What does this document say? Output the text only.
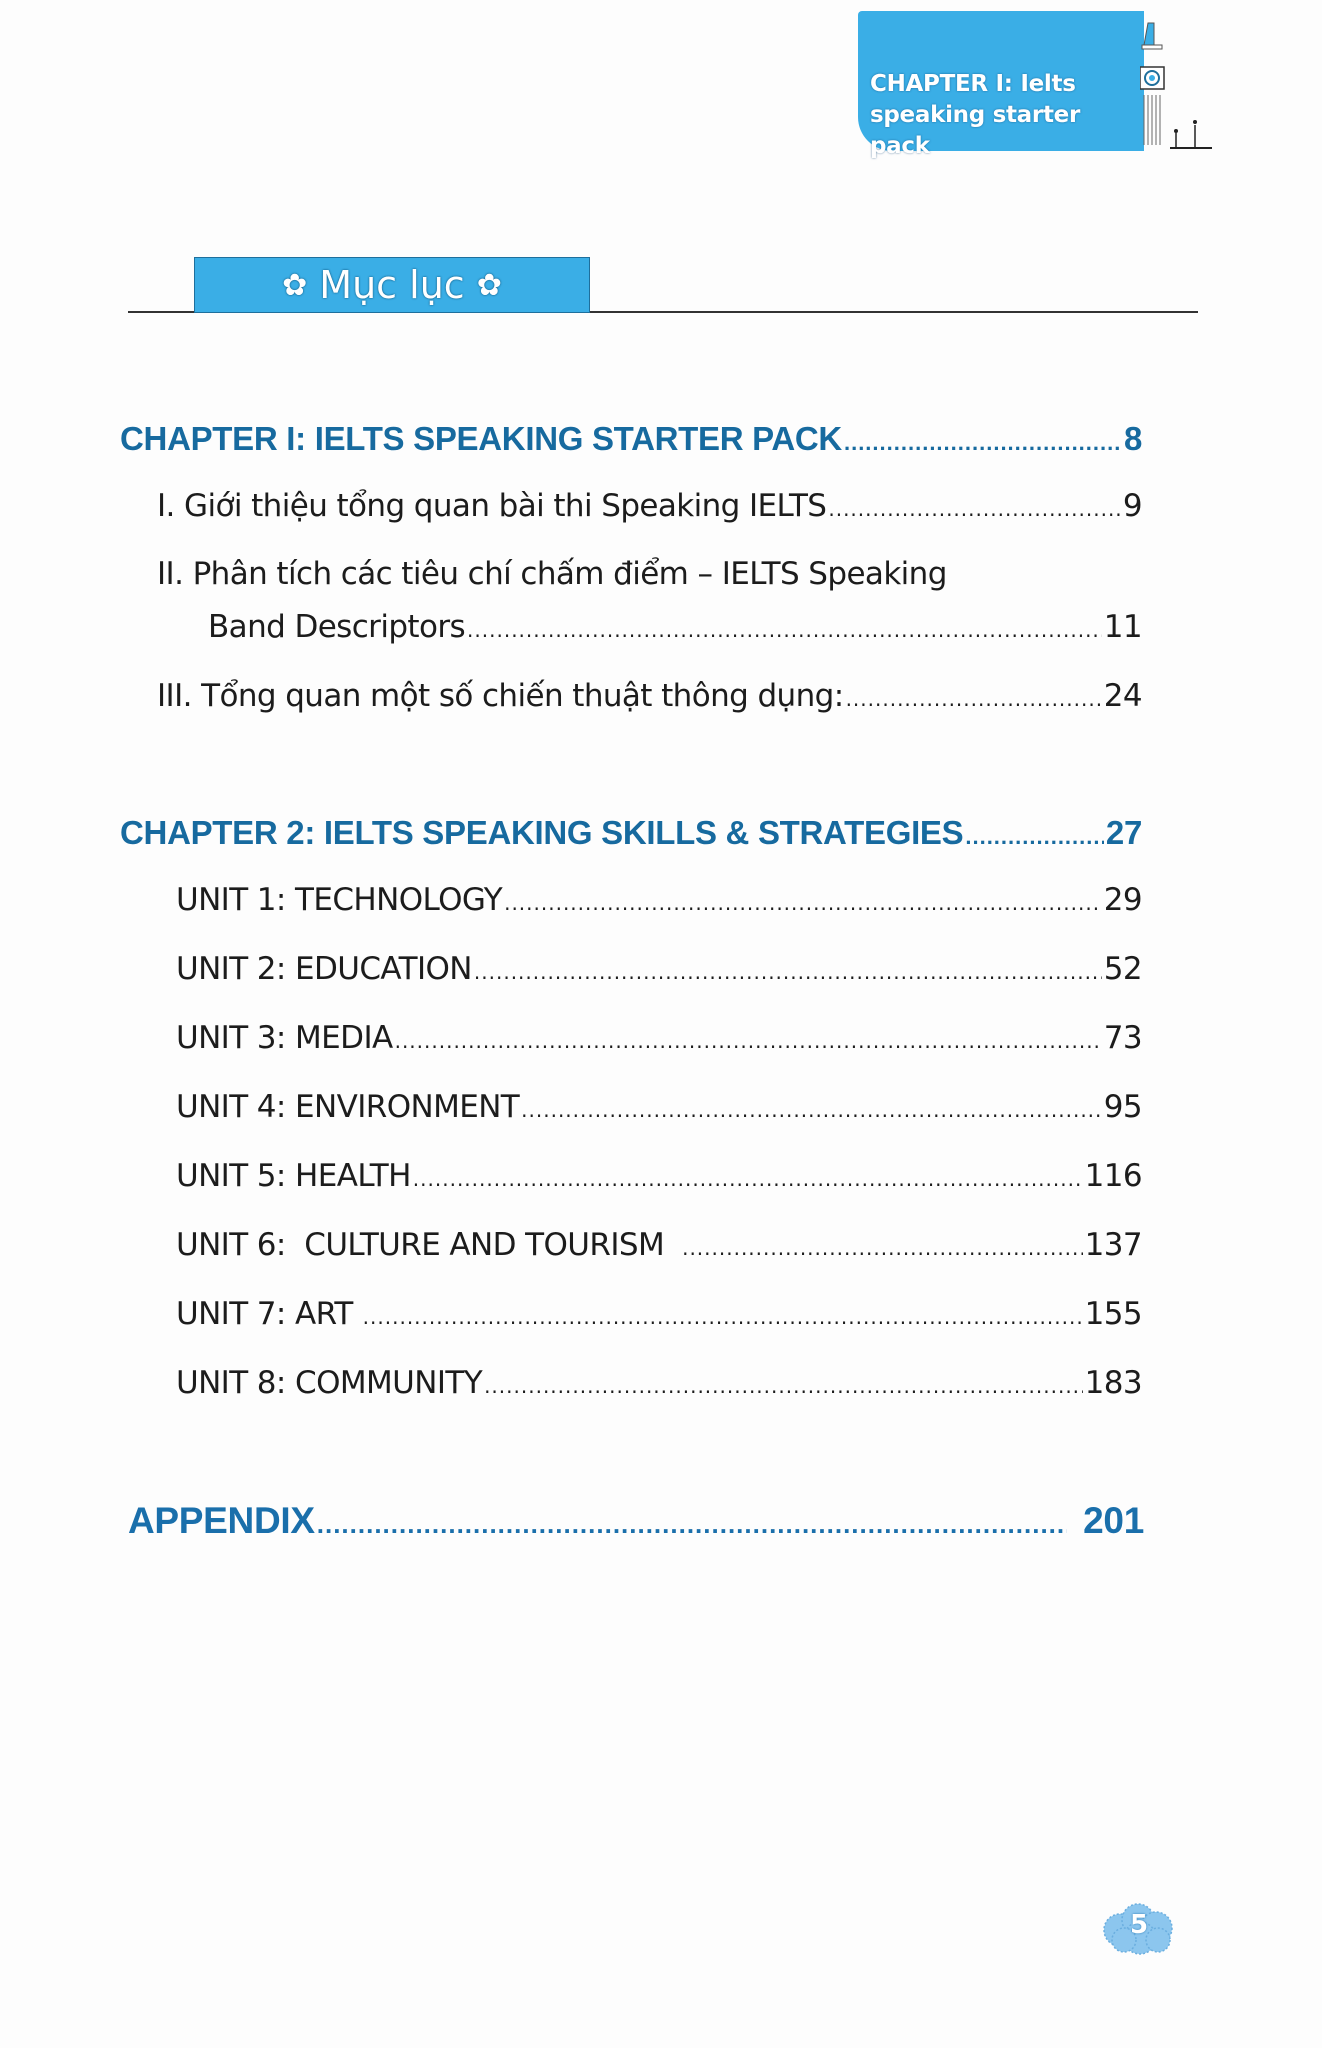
CHAPTER I: Ielts
speaking starter pack
✿ Mục lục ✿
CHAPTER I: IELTS SPEAKING STARTER PACK .....	8
I. Giới thiệu tổng quan bài thi Speaking IELTS .....	9
II. Phân tích các tiêu chí chấm điểm – IELTS Speaking
Band Descriptors .....	11
III. Tổng quan một số chiến thuật thông dụng: .....	24
CHAPTER 2: IELTS SPEAKING SKILLS & STRATEGIES .....	27
UNIT 1: TECHNOLOGY .....	29
UNIT 2: EDUCATION .....	52
UNIT 3: MEDIA .....	73
UNIT 4: ENVIRONMENT .....	95
UNIT 5: HEALTH .....	116
UNIT 6:  CULTURE AND TOURISM .....	137
UNIT 7: ART .....	155
UNIT 8: COMMUNITY .....	183
APPENDIX .....	201
5
